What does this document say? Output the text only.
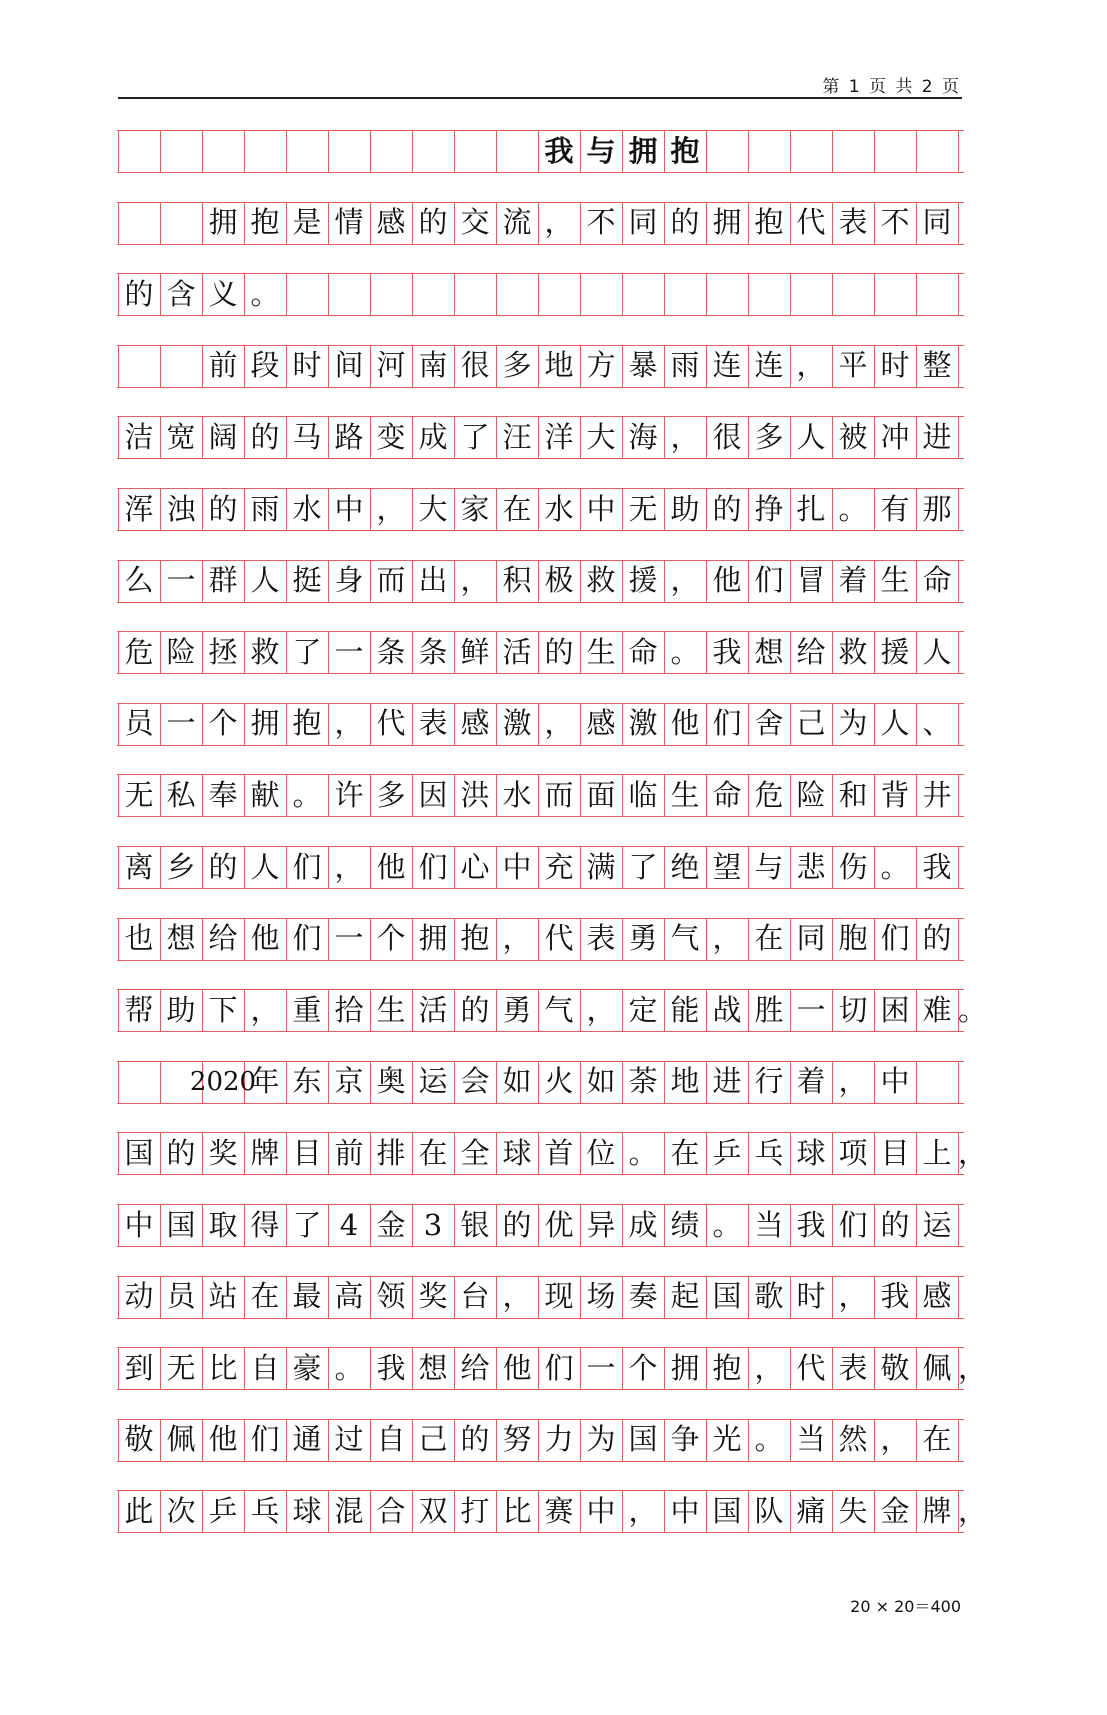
第 1 页 共 2 页
我 与 拥 抱
拥 抱 是 情 感 的 交 流 ， 不 同 的 拥 抱 代 表 不 同
的 含 义 。
前 段 时 间 河 南 很 多 地 方 暴 雨 连 连 ， 平 时 整
洁 宽 阔 的 马 路 变 成 了 汪 洋 大 海 ， 很 多 人 被 冲 进
浑 浊 的 雨 水 中 ， 大 家 在 水 中 无 助 的 挣 扎 。 有 那
么 一 群 人 挺 身 而 出 ， 积 极 救 援 ， 他 们 冒 着 生 命
危 险 拯 救 了 一 条 条 鲜 活 的 生 命 。 我 想 给 救 援 人
员 一 个 拥 抱 ， 代 表 感 激 ， 感 激 他 们 舍 己 为 人 、
无 私 奉 献 。 许 多 因 洪 水 而 面 临 生 命 危 险 和 背 井
离 乡 的 人 们 ， 他 们 心 中 充 满 了 绝 望 与 悲 伤 。 我
也 想 给 他 们 一 个 拥 抱 ， 代 表 勇 气 ， 在 同 胞 们 的
帮 助 下 ， 重 拾 生 活 的 勇 气 ， 定 能 战 胜 一 切 困 难 。
2020
年 东 京 奥 运 会 如 火 如 荼 地 进 行 着 ， 中
国 的 奖 牌 目 前 排 在 全 球 首 位 。 在 乒 乓 球 项 目 上 ，
中 国 取 得 了 4 金 3 银 的 优 异 成 绩 。 当 我 们 的 运
动 员 站 在 最 高 领 奖 台 ， 现 场 奏 起 国 歌 时 ， 我 感
到 无 比 自 豪 。 我 想 给 他 们 一 个 拥 抱 ， 代 表 敬 佩 ，
敬 佩 他 们 通 过 自 己 的 努 力 为 国 争 光 。 当 然 ， 在
此 次 乒 乓 球 混 合 双 打 比 赛 中 ， 中 国 队 痛 失 金 牌 ，
20 × 20＝400
